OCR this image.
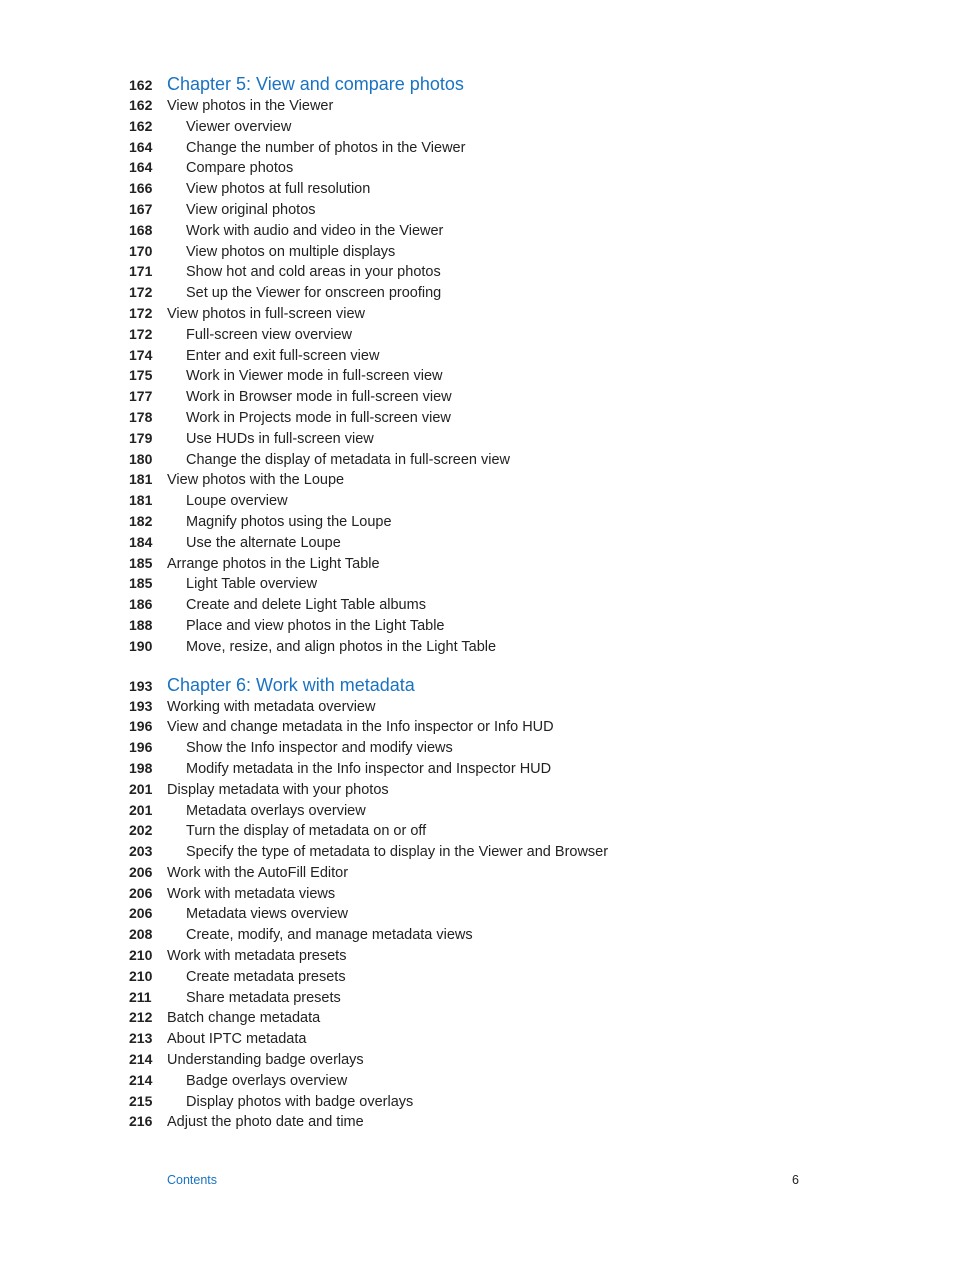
162 Chapter 5: View and compare photos
162	View photos in the Viewer
162	Viewer overview
164	Change the number of photos in the Viewer
164	Compare photos
166	View photos at full resolution
167	View original photos
168	Work with audio and video in the Viewer
170	View photos on multiple displays
171	Show hot and cold areas in your photos
172	Set up the Viewer for onscreen proofing
172	View photos in full-screen view
172	Full-screen view overview
174	Enter and exit full-screen view
175	Work in Viewer mode in full-screen view
177	Work in Browser mode in full-screen view
178	Work in Projects mode in full-screen view
179	Use HUDs in full-screen view
180	Change the display of metadata in full-screen view
181	View photos with the Loupe
181	Loupe overview
182	Magnify photos using the Loupe
184	Use the alternate Loupe
185	Arrange photos in the Light Table
185	Light Table overview
186	Create and delete Light Table albums
188	Place and view photos in the Light Table
190	Move, resize, and align photos in the Light Table
193 Chapter 6: Work with metadata
193	Working with metadata overview
196	View and change metadata in the Info inspector or Info HUD
196	Show the Info inspector and modify views
198	Modify metadata in the Info inspector and Inspector HUD
201	Display metadata with your photos
201	Metadata overlays overview
202	Turn the display of metadata on or off
203	Specify the type of metadata to display in the Viewer and Browser
206	Work with the AutoFill Editor
206	Work with metadata views
206	Metadata views overview
208	Create, modify, and manage metadata views
210	Work with metadata presets
210	Create metadata presets
211	Share metadata presets
212	Batch change metadata
213	About IPTC metadata
214	Understanding badge overlays
214	Badge overlays overview
215	Display photos with badge overlays
216	Adjust the photo date and time
Contents	6
